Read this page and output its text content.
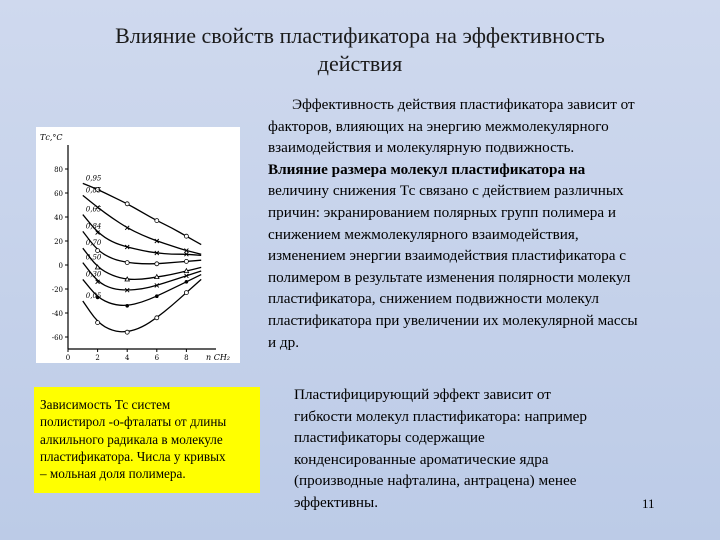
Влияние свойств пластификатора на эффективность
действия
Тс,°C
n СН₂
80
60
40
20
0
-20
-40
-60
0	2	4	6	8
0,95
0,85
0,65
0,84
0,70
0,50
0,30
0,05
Эффективность действия пластификатора зависит от
факторов, влияющих на энергию межмолекулярного
взаимодействия и молекулярную подвижность.
Влияние размера молекул пластификатора на
величину снижения Тс связано с действием различных
причин: экранированием полярных групп полимера и
снижением межмолекулярного взаимодействия,
изменением энергии взаимодействия пластификатора с
полимером в результате изменения полярности молекул
пластификатора, снижением подвижности молекул
пластификатора при увеличении их молекулярной массы
и др.
Зависимость Тс систем
полистирол -о-фталаты от длины
алкильного радикала в молекуле
пластификатора. Числа у кривых
– мольная доля полимера.
Пластифицирующий эффект зависит от
гибкости молекул пластификатора: например
пластификаторы содержащие
конденсированные ароматические ядра
(производные нафталина, антрацена) менее
эффективны.	11
